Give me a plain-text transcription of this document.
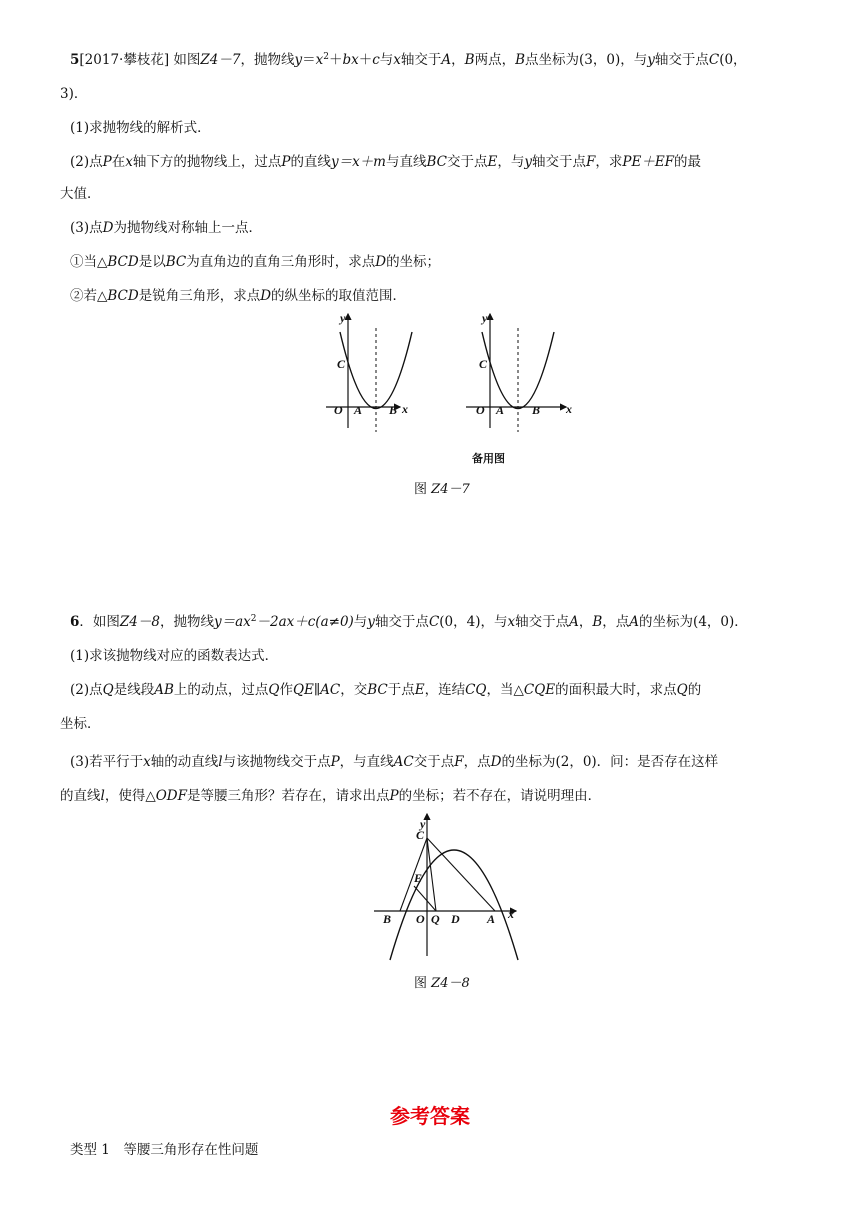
5[2017·攀枝花] 如图Z4－7，抛物线$y=x^2+bx+c$与x轴交于A，B两点，B点坐标为(3，0)，与y轴交于点C(0，
3)．
(1)求抛物线的解析式．
(2)点P在x轴下方的抛物线上，过点P的直线y＝x＋m与直线BC交于点E，与y轴交于点F，求PE＋EF的最
大值．
(3)点D为抛物线对称轴上一点．
①当△BCD是以BC为直角边的直角三角形时，求点D的坐标；
②若△BCD是锐角三角形，求点D的纵坐标的取值范围．
y
x
O A B
C
y
x
O A B
C
备用图
图 Z4－7
6．如图Z4－8，抛物线$y=ax^2-2ax+c(a\ne 0)$与y轴交于点C(0，4)，与x轴交于点A，B，点A的坐标为(4，0)．
(1)求该抛物线对应的函数表达式．
(2)点Q是线段AB上的动点，过点Q作QE∥AC，交BC于点E，连结CQ，当△CQE的面积最大时，求点Q的
坐标．
(3)若平行于x轴的动直线l与该抛物线交于点P，与直线AC交于点F，点D的坐标为(2，0)．问：是否存在这样
的直线l，使得△ODF是等腰三角形？若存在，请求出点P的坐标；若不存在，请说明理由．
y
x
C
E
B O Q D A
图 Z4－8
参考答案
类型 1　等腰三角形存在性问题
